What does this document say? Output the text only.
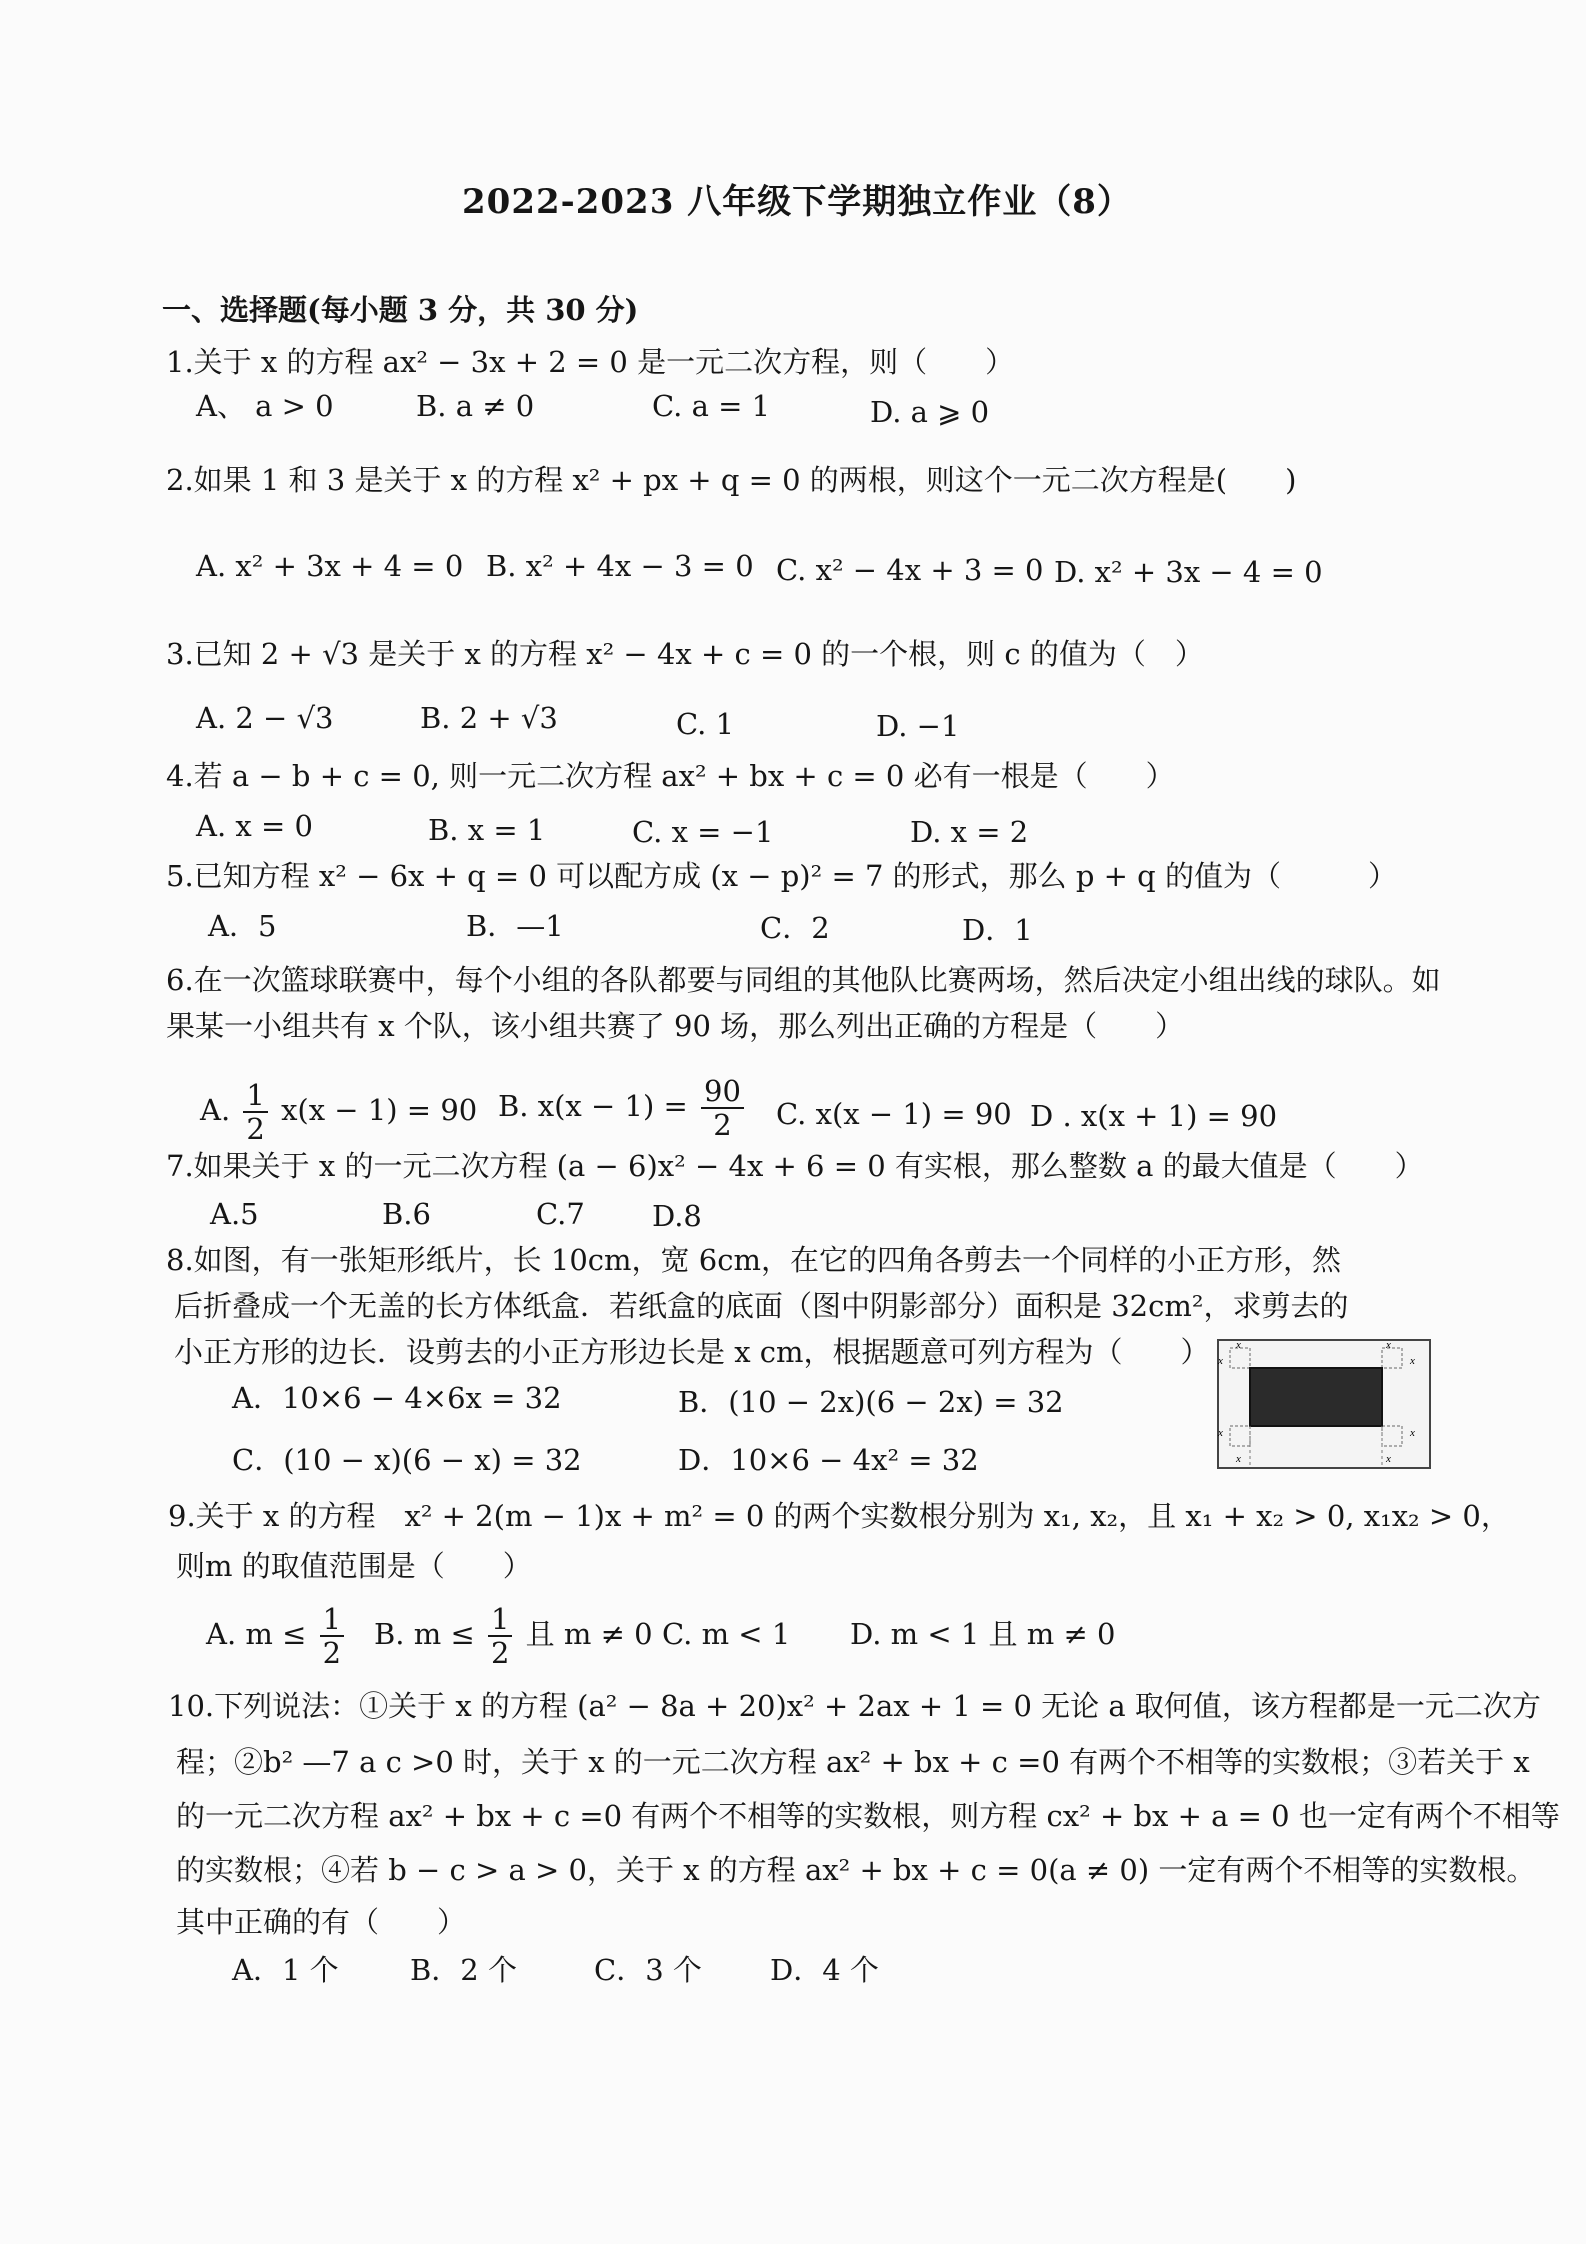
2022-2023 八年级下学期独立作业（8）
一、选择题(每小题 3 分，共 30 分)
1.关于 x 的方程 ax² − 3x + 2 = 0 是一元二次方程，则（　　）
A、 a > 0	B. a ≠ 0	C. a = 1	D. a ⩾ 0
2.如果 1 和 3 是关于 x 的方程 x² + px + q = 0 的两根，则这个一元二次方程是(　　)
A. x² + 3x + 4 = 0 B. x² + 4x − 3 = 0 C. x² − 4x + 3 = 0 D. x² + 3x − 4 = 0
3.已知 2 + √3 是关于 x 的方程 x² − 4x + c = 0 的一个根，则 c 的值为（　）
A. 2 − √3	B. 2 + √3	C. 1	D. −1
4.若 a − b + c = 0, 则一元二次方程 ax² + bx + c = 0 必有一根是（　　）
A. x = 0	B. x = 1	C. x = −1	D. x = 2
5.已知方程 x² − 6x + q = 0 可以配方成 (x − p)² = 7 的形式，那么 p + q 的值为（　　　）
A．5	B．—1	C．2	D．1
6.在一次篮球联赛中，每个小组的各队都要与同组的其他队比赛两场，然后决定小组出线的球队。如
果某一小组共有 x 个队，该小组共赛了 90 场，那么列出正确的方程是（　　）
A. $\frac{1}{2} x(x - 1) = 90$ B. $x(x - 1) = \frac{90}{2} C$. x(x − 1) = 90 D . x(x + 1) = 90
7.如果关于 x 的一元二次方程 (a − 6)x² − 4x + 6 = 0 有实根，那么整数 a 的最大值是（　　）
A.5	B.6	C.7 D.8
8.如图，有一张矩形纸片，长 10cm，宽 6cm，在它的四角各剪去一个同样的小正方形，然
后折叠成一个无盖的长方体纸盒．若纸盒的底面（图中阴影部分）面积是 32cm²，求剪去的
小正方形的边长．设剪去的小正方形边长是 x cm，根据题意可列方程为（　　）
A．10×6 − 4×6x = 32	B．(10 − 2x)(6 − 2x) = 32
C．(10 − x)(6 − x) = 32	D．10×6 − 4x² = 32
x
x
x
x
x
x
x
x
9.关于 x 的方程　x² + 2(m − 1)x + m² = 0 的两个实数根分别为 x₁, x₂，且 x₁ + x₂ > 0, x₁x₂ > 0，
则m 的取值范围是（　　）
A. $m \le \frac{1}{2} B$. $m \le \frac{1}{2}$ 且 m ≠ 0 C. m < 1 D. m < 1 且 m ≠ 0
10.下列说法：①关于 x 的方程 (a² − 8a + 20)x² + 2ax + 1 = 0 无论 a 取何值，该方程都是一元二次方
程；②b² —7 a c >0 时，关于 x 的一元二次方程 ax² + bx + c =0 有两个不相等的实数根；③若关于 x
的一元二次方程 ax² + bx + c =0 有两个不相等的实数根，则方程 cx² + bx + a = 0 也一定有两个不相等
的实数根；④若 b − c > a > 0，关于 x 的方程 ax² + bx + c = 0(a ≠ 0) 一定有两个不相等的实数根。
其中正确的有（　　）
A．1 个 B．2 个	C．3 个 D．4 个
